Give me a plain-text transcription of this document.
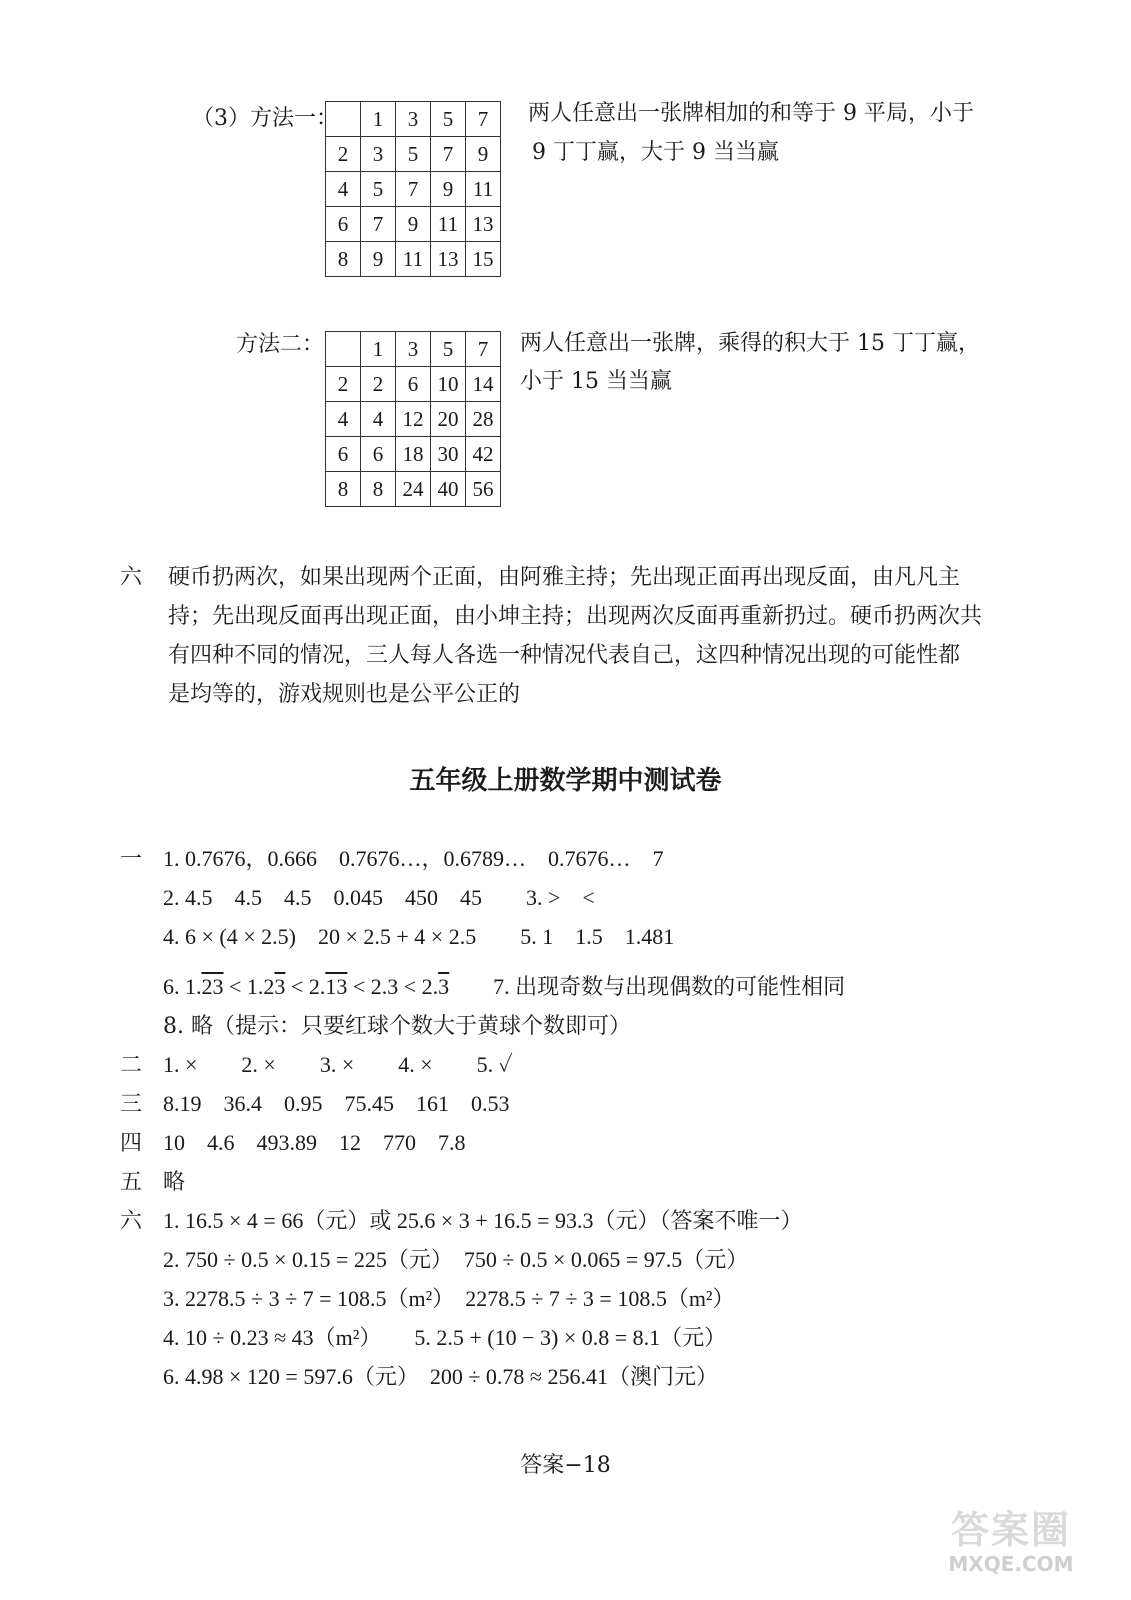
（3）方法一：
	1	3	5	7
2	3	5	7	9
4	5	7	9	11
6	7	9	11	13
8	9	11	13	15
两人任意出一张牌相加的和等于 9 平局，小于
9 丁丁赢，大于 9 当当赢
方法二：
	1	3	5	7
2	2	6	10	14
4	4	12	20	28
6	6	18	30	42
8	8	24	40	56
两人任意出一张牌，乘得的积大于 15 丁丁赢，
小于 15 当当赢
六 硬币扔两次，如果出现两个正面，由阿雅主持；先出现正面再出现反面，由凡凡主
持；先出现反面再出现正面，由小坤主持；出现两次反面再重新扔过。硬币扔两次共
有四种不同的情况，三人每人各选一种情况代表自己，这四种情况出现的可能性都
是均等的，游戏规则也是公平公正的
五年级上册数学期中测试卷
一 1. 0.7676，0.666　0.7676…，0.6789…　0.7676…　7
2. 4.5　4.5　4.5　0.045　450　45　　3. >　<
4. 6 × (4 × 2.5)　20 × 2.5 + 4 × 2.5　　5. 1　1.5　1.481
6. 1.23 < 1.23 < 2.13 < 2.3 < 2.3　　7. 出现奇数与出现偶数的可能性相同
8. 略（提示：只要红球个数大于黄球个数即可）
二 1. ×　　2. ×　　3. ×　　4. ×　　5. ✓
三 8.19　36.4　0.95　75.45　161　0.53
四 10　4.6　493.89　12　770　7.8
五 略
六 1. 16.5 × 4 = 66（元）或 25.6 × 3 + 16.5 = 93.3（元）（答案不唯一）
2. 750 ÷ 0.5 × 0.15 = 225（元）　750 ÷ 0.5 × 0.065 = 97.5（元）
3. 2278.5 ÷ 3 ÷ 7 = 108.5（m²）　2278.5 ÷ 7 ÷ 3 = 108.5（m²）
4. 10 ÷ 0.23 ≈ 43（m²）　　5. 2.5 + (10 − 3) × 0.8 = 8.1（元）
6. 4.98 × 120 = 597.6（元）　200 ÷ 0.78 ≈ 256.41（澳门元）
答案−18
答案圈
MXQE.COM
